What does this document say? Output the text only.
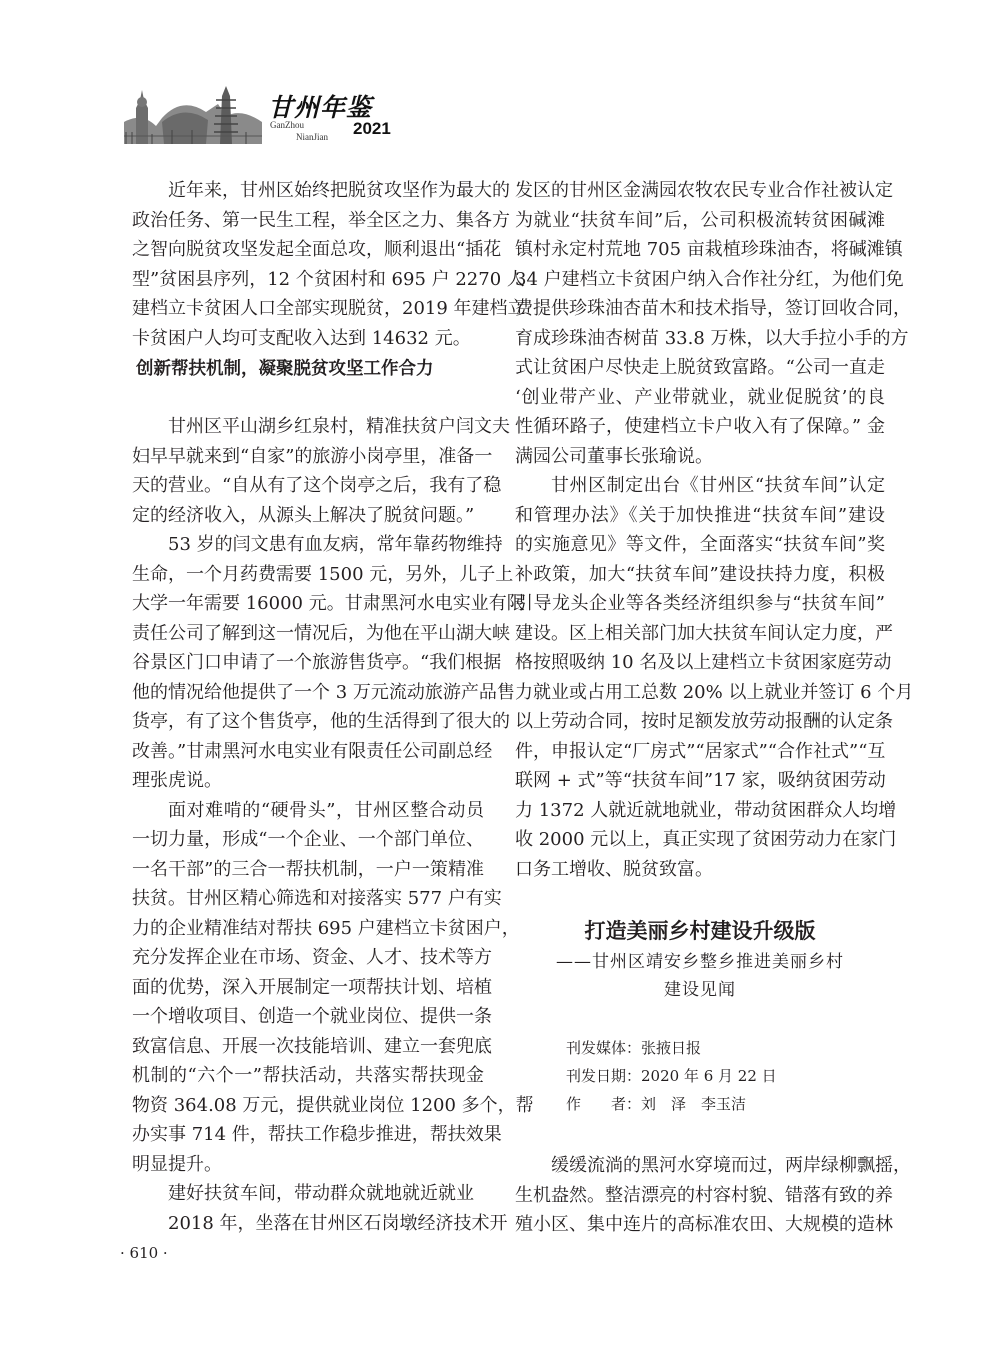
甘州年鉴
GanZhou
NianJian 2021
近年来，甘州区始终把脱贫攻坚作为最大的
政治任务、第一民生工程，举全区之力、集各方
之智向脱贫攻坚发起全面总攻，顺利退出“插花
型”贫困县序列，12 个贫困村和 695 户 2270 人
建档立卡贫困人口全部实现脱贫，2019 年建档立
卡贫困户人均可支配收入达到 14632 元。
创新帮扶机制，凝聚脱贫攻坚工作合力
甘州区平山湖乡红泉村，精准扶贫户闫文夫
妇早早就来到“自家”的旅游小岗亭里，准备一
天的营业。“自从有了这个岗亭之后，我有了稳
定的经济收入，从源头上解决了脱贫问题。”
53 岁的闫文患有血友病，常年靠药物维持
生命，一个月药费需要 1500 元，另外，儿子上
大学一年需要 16000 元。甘肃黑河水电实业有限
责任公司了解到这一情况后，为他在平山湖大峡
谷景区门口申请了一个旅游售货亭。“我们根据
他的情况给他提供了一个 3 万元流动旅游产品售
货亭，有了这个售货亭，他的生活得到了很大的
改善。”甘肃黑河水电实业有限责任公司副总经
理张虎说。
面对难啃的“硬骨头”，甘州区整合动员
一切力量，形成“一个企业、一个部门单位、
一名干部”的三合一帮扶机制，一户一策精准
扶贫。甘州区精心筛选和对接落实 577 户有实
力的企业精准结对帮扶 695 户建档立卡贫困户，
充分发挥企业在市场、资金、人才、技术等方
面的优势，深入开展制定一项帮扶计划、培植
一个增收项目、创造一个就业岗位、提供一条
致富信息、开展一次技能培训、建立一套兜底
机制的“六个一”帮扶活动，共落实帮扶现金
物资 364.08 万元，提供就业岗位 1200 多个，帮
办实事 714 件，帮扶工作稳步推进，帮扶效果
明显提升。
建好扶贫车间，带动群众就地就近就业
2018 年，坐落在甘州区石岗墩经济技术开
发区的甘州区金满园农牧农民专业合作社被认定
为就业“扶贫车间”后，公司积极流转贫困碱滩
镇村永定村荒地 705 亩栽植珍珠油杏，将碱滩镇
34 户建档立卡贫困户纳入合作社分红，为他们免
费提供珍珠油杏苗木和技术指导，签订回收合同，
育成珍珠油杏树苗 33.8 万株，以大手拉小手的方
式让贫困户尽快走上脱贫致富路。“公司一直走
‘创业带产业、产业带就业，就业促脱贫’的良
性循环路子，使建档立卡户收入有了保障。” 金
满园公司董事长张瑜说。
甘州区制定出台《甘州区“扶贫车间”认定
和管理办法》《关于加快推进“扶贫车间”建设
的实施意见》等文件，全面落实“扶贫车间”奖
补政策，加大“扶贫车间”建设扶持力度，积极
引导龙头企业等各类经济组织参与“扶贫车间”
建设。区上相关部门加大扶贫车间认定力度，严
格按照吸纳 10 名及以上建档立卡贫困家庭劳动
力就业或占用工总数 20% 以上就业并签订 6 个月
以上劳动合同，按时足额发放劳动报酬的认定条
件，申报认定“厂房式”“居家式”“合作社式”“互
联网 + 式”等“扶贫车间”17 家，吸纳贫困劳动
力 1372 人就近就地就业，带动贫困群众人均增
收 2000 元以上，真正实现了贫困劳动力在家门
口务工增收、脱贫致富。
打造美丽乡村建设升级版
——甘州区靖安乡整乡推进美丽乡村
建设见闻
刊发媒体：张掖日报
刊发日期：2020 年 6 月 22 日
作　　者：刘　泽　李玉洁
缓缓流淌的黑河水穿境而过，两岸绿柳飘摇，
生机盎然。整洁漂亮的村容村貌、错落有致的养
殖小区、集中连片的高标准农田、大规模的造林
· 610 ·
